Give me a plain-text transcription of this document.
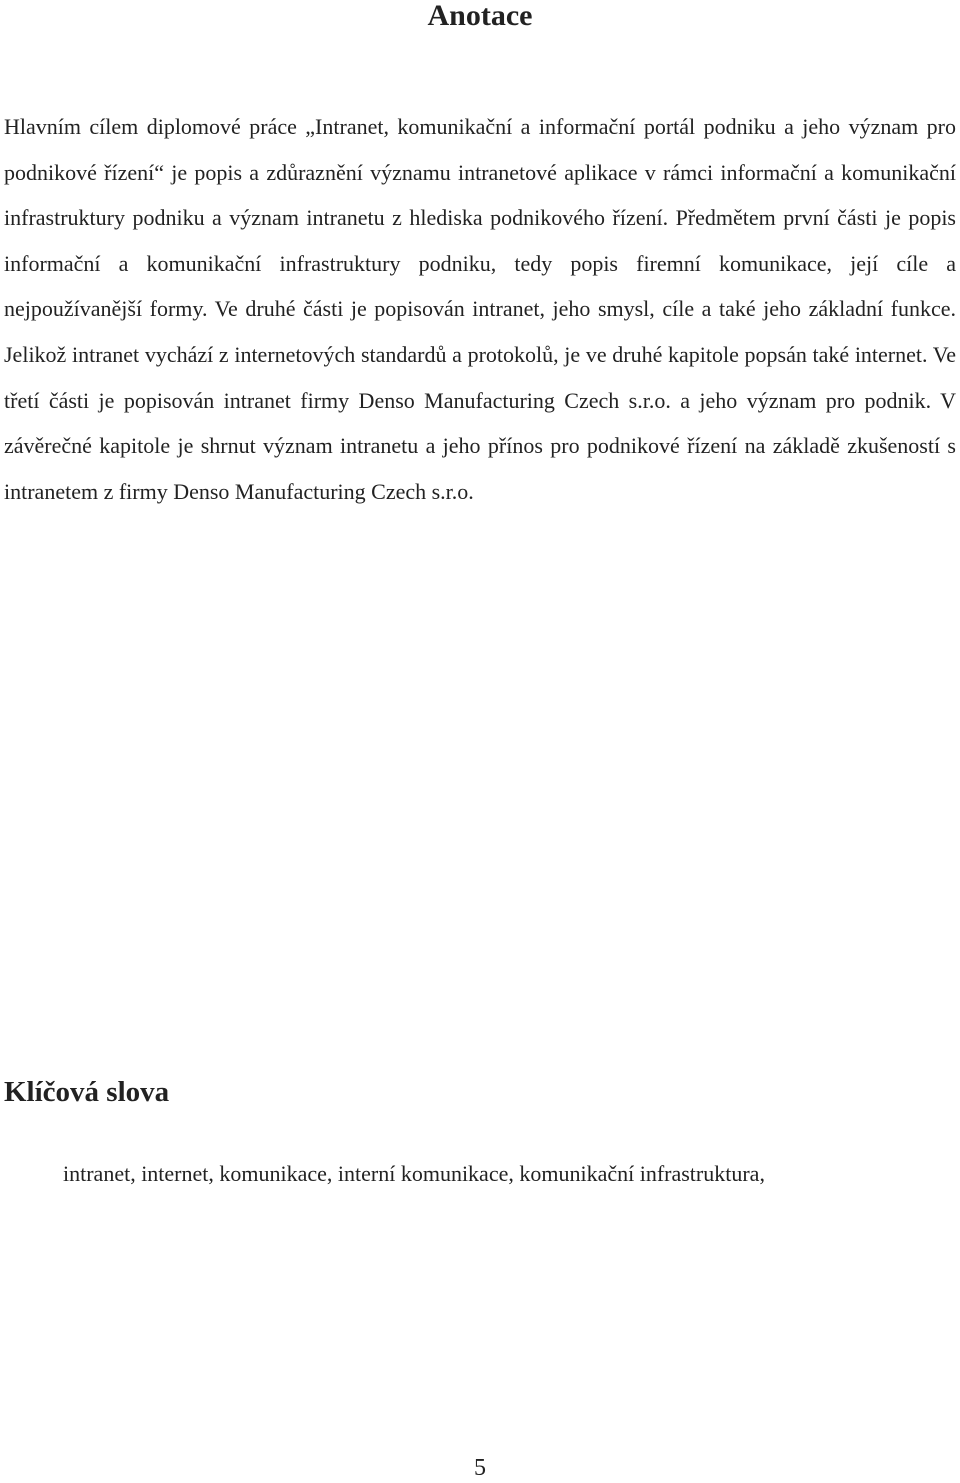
Anotace

Hlavním cílem diplomové práce „Intranet, komunikační a informační portál podniku a jeho význam pro podnikové řízení“ je popis a zdůraznění významu intranetové aplikace v rámci informační a komunikační infrastruktury podniku a význam intranetu z hlediska podnikového řízení. Předmětem první části je popis informační a komunikační infrastruktury podniku, tedy popis firemní komunikace, její cíle a nejpoužívanější formy. Ve druhé části je popisován intranet, jeho smysl, cíle a také jeho základní funkce. Jelikož intranet vychází z internetových standardů a protokolů, je ve druhé kapitole popsán také internet. Ve třetí části je popisován intranet firmy Denso Manufacturing Czech s.r.o. a jeho význam pro podnik. V závěrečné kapitole je shrnut význam intranetu a jeho přínos pro podnikové řízení na základě zkušeností s intranetem z firmy Denso Manufacturing Czech s.r.o.

Klíčová slova

intranet, internet, komunikace, interní komunikace, komunikační infrastruktura,

5
